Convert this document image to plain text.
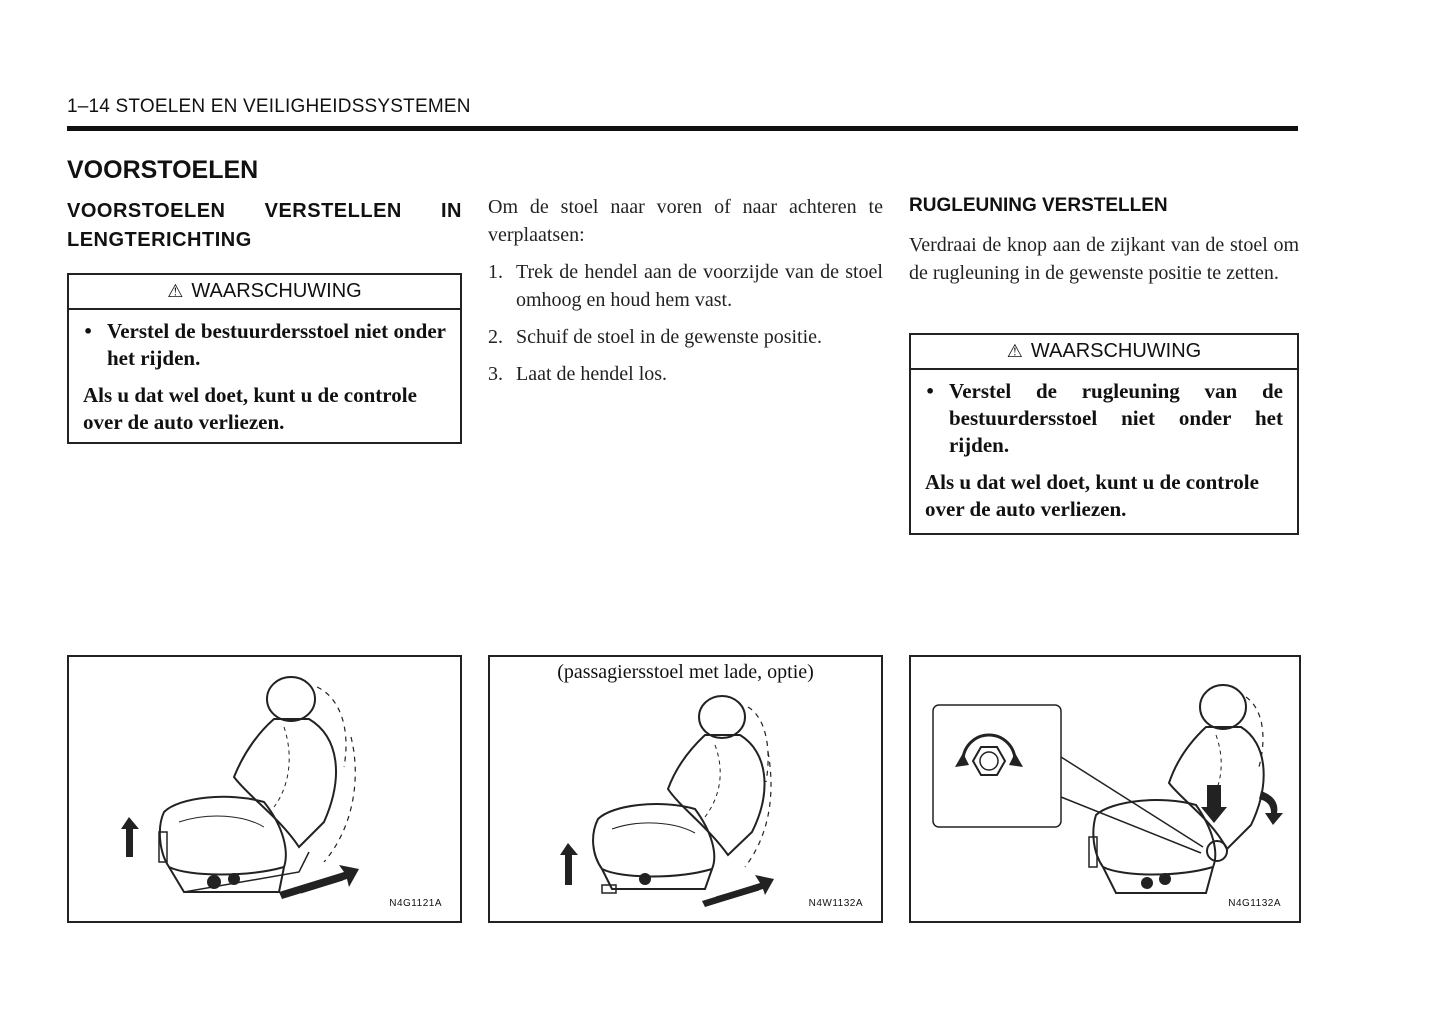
1–14 STOELEN EN VEILIGHEIDSSYSTEMEN
VOORSTOELEN
VOORSTOELEN VERSTELLEN IN LENGTERICHTING
RUGLEUNING VERSTELLEN
⚠ WAARSCHUWING
• Verstel de bestuurdersstoel niet onder het rijden.
Als u dat wel doet, kunt u de controle over de auto verliezen.
Om de stoel naar voren of naar achteren te verplaatsen:
1. Trek de hendel aan de voorzijde van de stoel omhoog en houd hem vast.
2. Schuif de stoel in de gewenste positie.
3. Laat de hendel los.
Verdraai de knop aan de zijkant van de stoel om de rugleuning in de gewenste positie te zetten.
⚠ WAARSCHUWING
• Verstel de rugleuning van de bestuurdersstoel niet onder het rijden.
Als u dat wel doet, kunt u de controle over de auto verliezen.
N4G1121A
(passagiersstoel met lade, optie)
N4W1132A	N4G1132A
